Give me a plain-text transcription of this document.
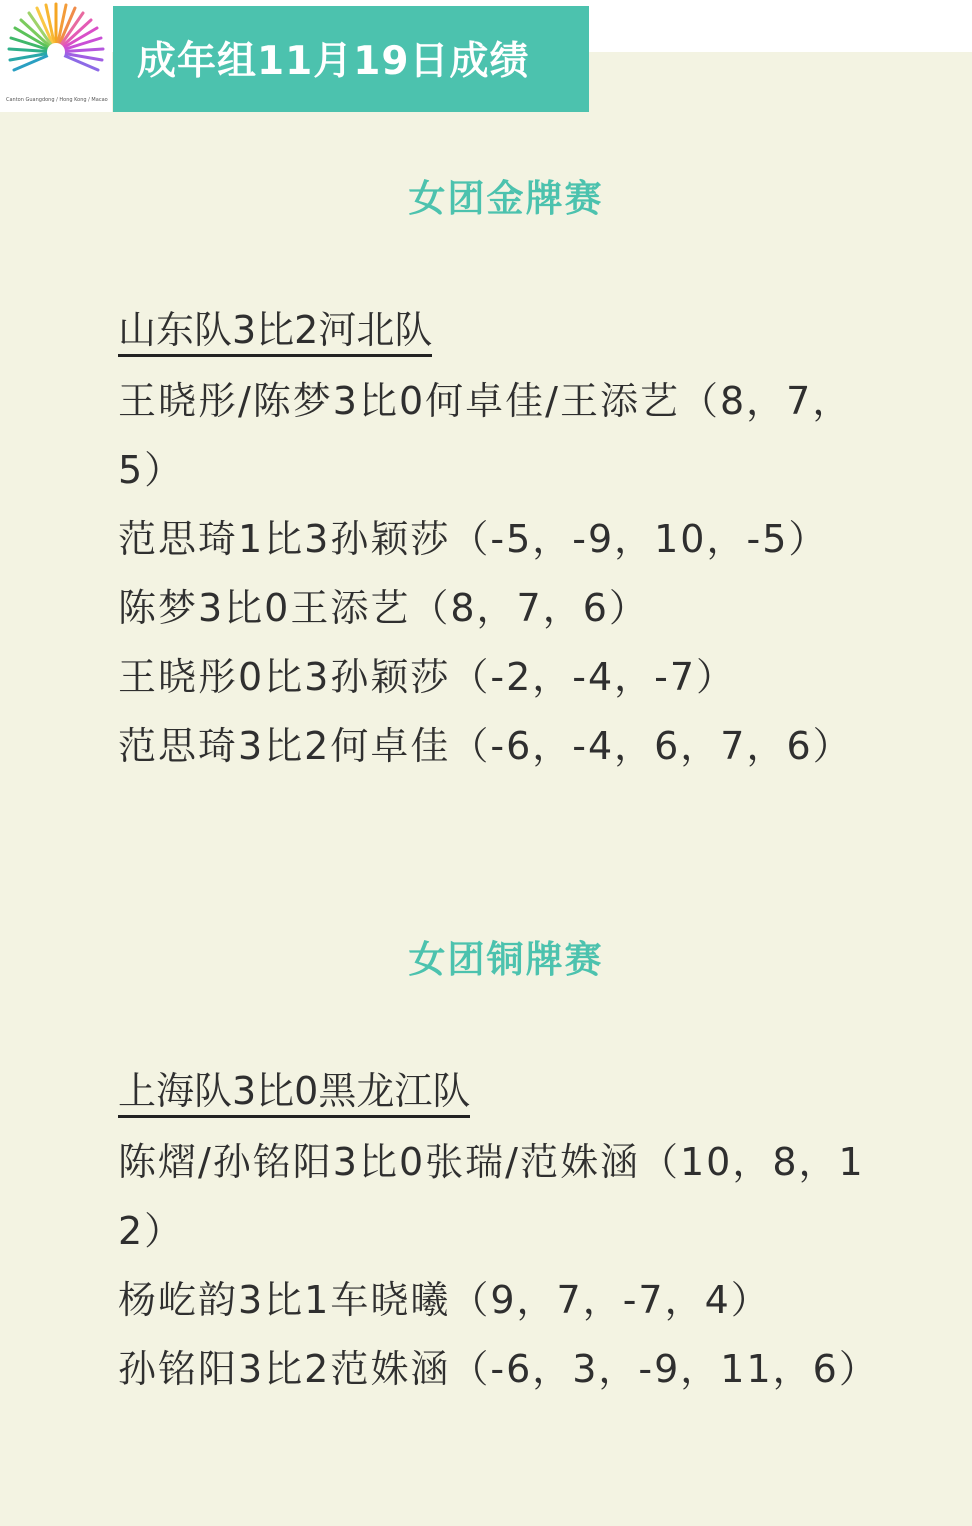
Canton Guangdong / Hong Kong / Macao
成年组11月19日成绩
女团金牌赛
山东队3比2河北队
王晓彤/陈梦3比0何卓佳/王添艺（8，7，5）
范思琦1比3孙颖莎（-5，-9，10，-5）
陈梦3比0王添艺（8，7，6）
王晓彤0比3孙颖莎（-2，-4，-7）
范思琦3比2何卓佳（-6，-4，6，7，6）
女团铜牌赛
上海队3比0黑龙江队
陈熠/孙铭阳3比0张瑞/范姝涵（10，8，12）
杨屹韵3比1车晓曦（9，7，-7，4）
孙铭阳3比2范姝涵（-6，3，-9，11，6）
